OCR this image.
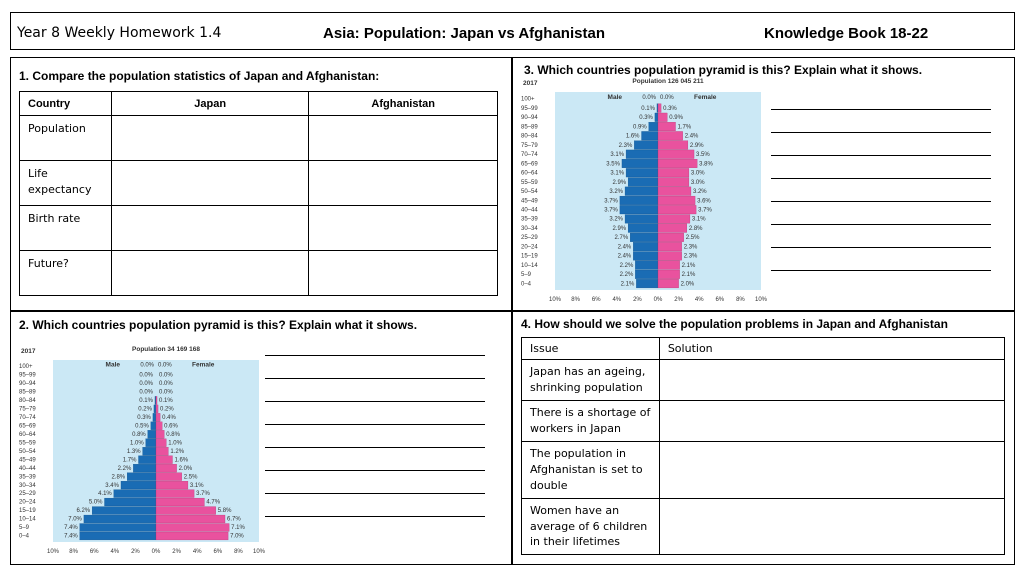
Year 8 Weekly Homework 1.4	Asia: Population: Japan vs Afghanistan	Knowledge Book 18-22
1. Compare the population statistics of Japan and Afghanistan:
Country	Japan	Afghanistan
Population		
Life expectancy		
Birth rate		
Future?		
3. Which countries population pyramid is this? Explain what it shows.
2017	Population 126 045 211
Male	Female
100+
95–99	0.1% 0.3%
90–94	0.3%	0.9%
85–89	0.9%	1.7%
80–84	1.6%	2.4%
75–79	2.3%	2.9%
70–74	3.1%	3.5%
65–69	3.5%	3.8%
60–64	3.1%	3.0%
55–59	2.9%	3.0%
50–54	3.2%	3.2%
45–49	3.7%	3.6%
40–44	3.7%	3.7%
35–39	3.2%	3.1%
30–34	2.9%	2.8%
25–29	2.7%	2.5%
20–24	2.4%	2.3%
15–19	2.4%	2.3%
10–14	2.2%	2.1%
5–9	2.2%	2.1%
0–4	2.1%	2.0%
10% 8% 6% 4% 2% 0% 2% 4% 6% 8% 10%
0.0% 0.0%
2. Which countries population pyramid is this? Explain what it shows.
2017	Population 34 169 168
Male	Female
100+
95–99	0.0% 0.0%
90–94	0.0% 0.0%
85–89	0.0% 0.0%
80–84	0.1% 0.1%
75–79	0.2% 0.2%
70–74	0.3% 0.4%
65–69	0.5%	0.6%
60–64	0.8%	0.8%
55–59	1.0%	1.0%
50–54	1.3%	1.2%
45–49	1.7%	1.6%
40–44	2.2%	2.0%
35–39	2.8%	2.5%
30–34	3.4%	3.1%
25–29	4.1%	3.7%
20–24	5.0%	4.7%
15–19	6.2%	5.8%
10–14	7.0%	6.7%
5–9	7.4%	7.1%
0–4	7.4%	7.0%
10% 8% 6% 4% 2% 0% 2% 4% 6% 8% 10%
0.0% 0.0%
4. How should we solve the population problems in Japan and Afghanistan
Issue	Solution
Japan has an ageing, shrinking population	
There is a shortage of workers in Japan	
The population in Afghanistan is set to double	
Women have an average of 6 children in their lifetimes	
